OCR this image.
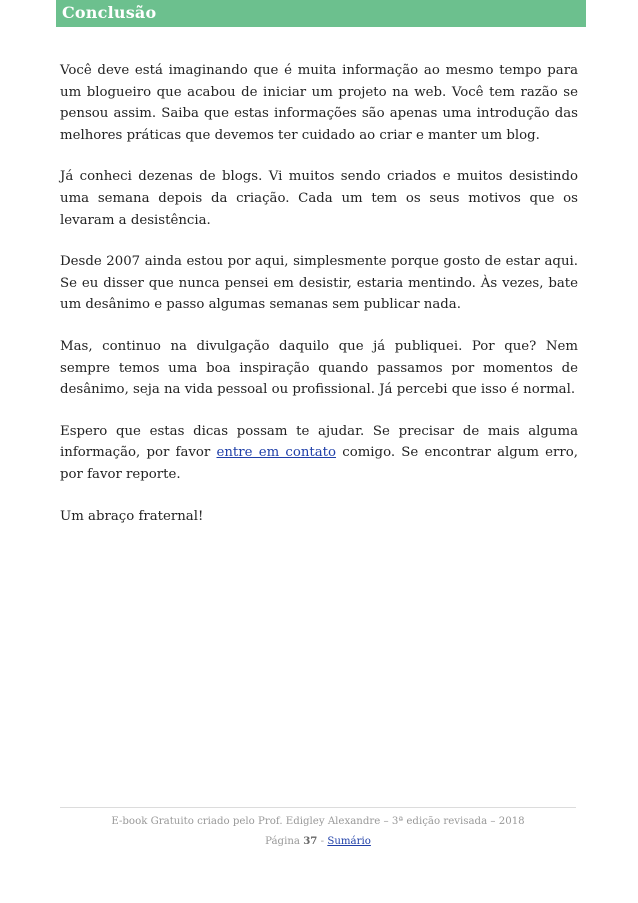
Conclusão

Você deve está imaginando que é muita informação ao mesmo tempo para um blogueiro que acabou de iniciar um projeto na web. Você tem razão se pensou assim. Saiba que estas informações são apenas uma introdução das melhores práticas que devemos ter cuidado ao criar e manter um blog.

Já conheci dezenas de blogs. Vi muitos sendo criados e muitos desistindo uma semana depois da criação. Cada um tem os seus motivos que os levaram a desistência.

Desde 2007 ainda estou por aqui, simplesmente porque gosto de estar aqui. Se eu disser que nunca pensei em desistir, estaria mentindo. Às vezes, bate um desânimo e passo algumas semanas sem publicar nada.

Mas, continuo na divulgação daquilo que já publiquei. Por que? Nem sempre temos uma boa inspiração quando passamos por momentos de desânimo, seja na vida pessoal ou profissional. Já percebi que isso é normal.

Espero que estas dicas possam te ajudar. Se precisar de mais alguma informação, por favor entre em contato comigo. Se encontrar algum erro, por favor reporte.

Um abraço fraternal!

E-book Gratuito criado pelo Prof. Edigley Alexandre – 3ª edição revisada – 2018
Página 37 - Sumário
